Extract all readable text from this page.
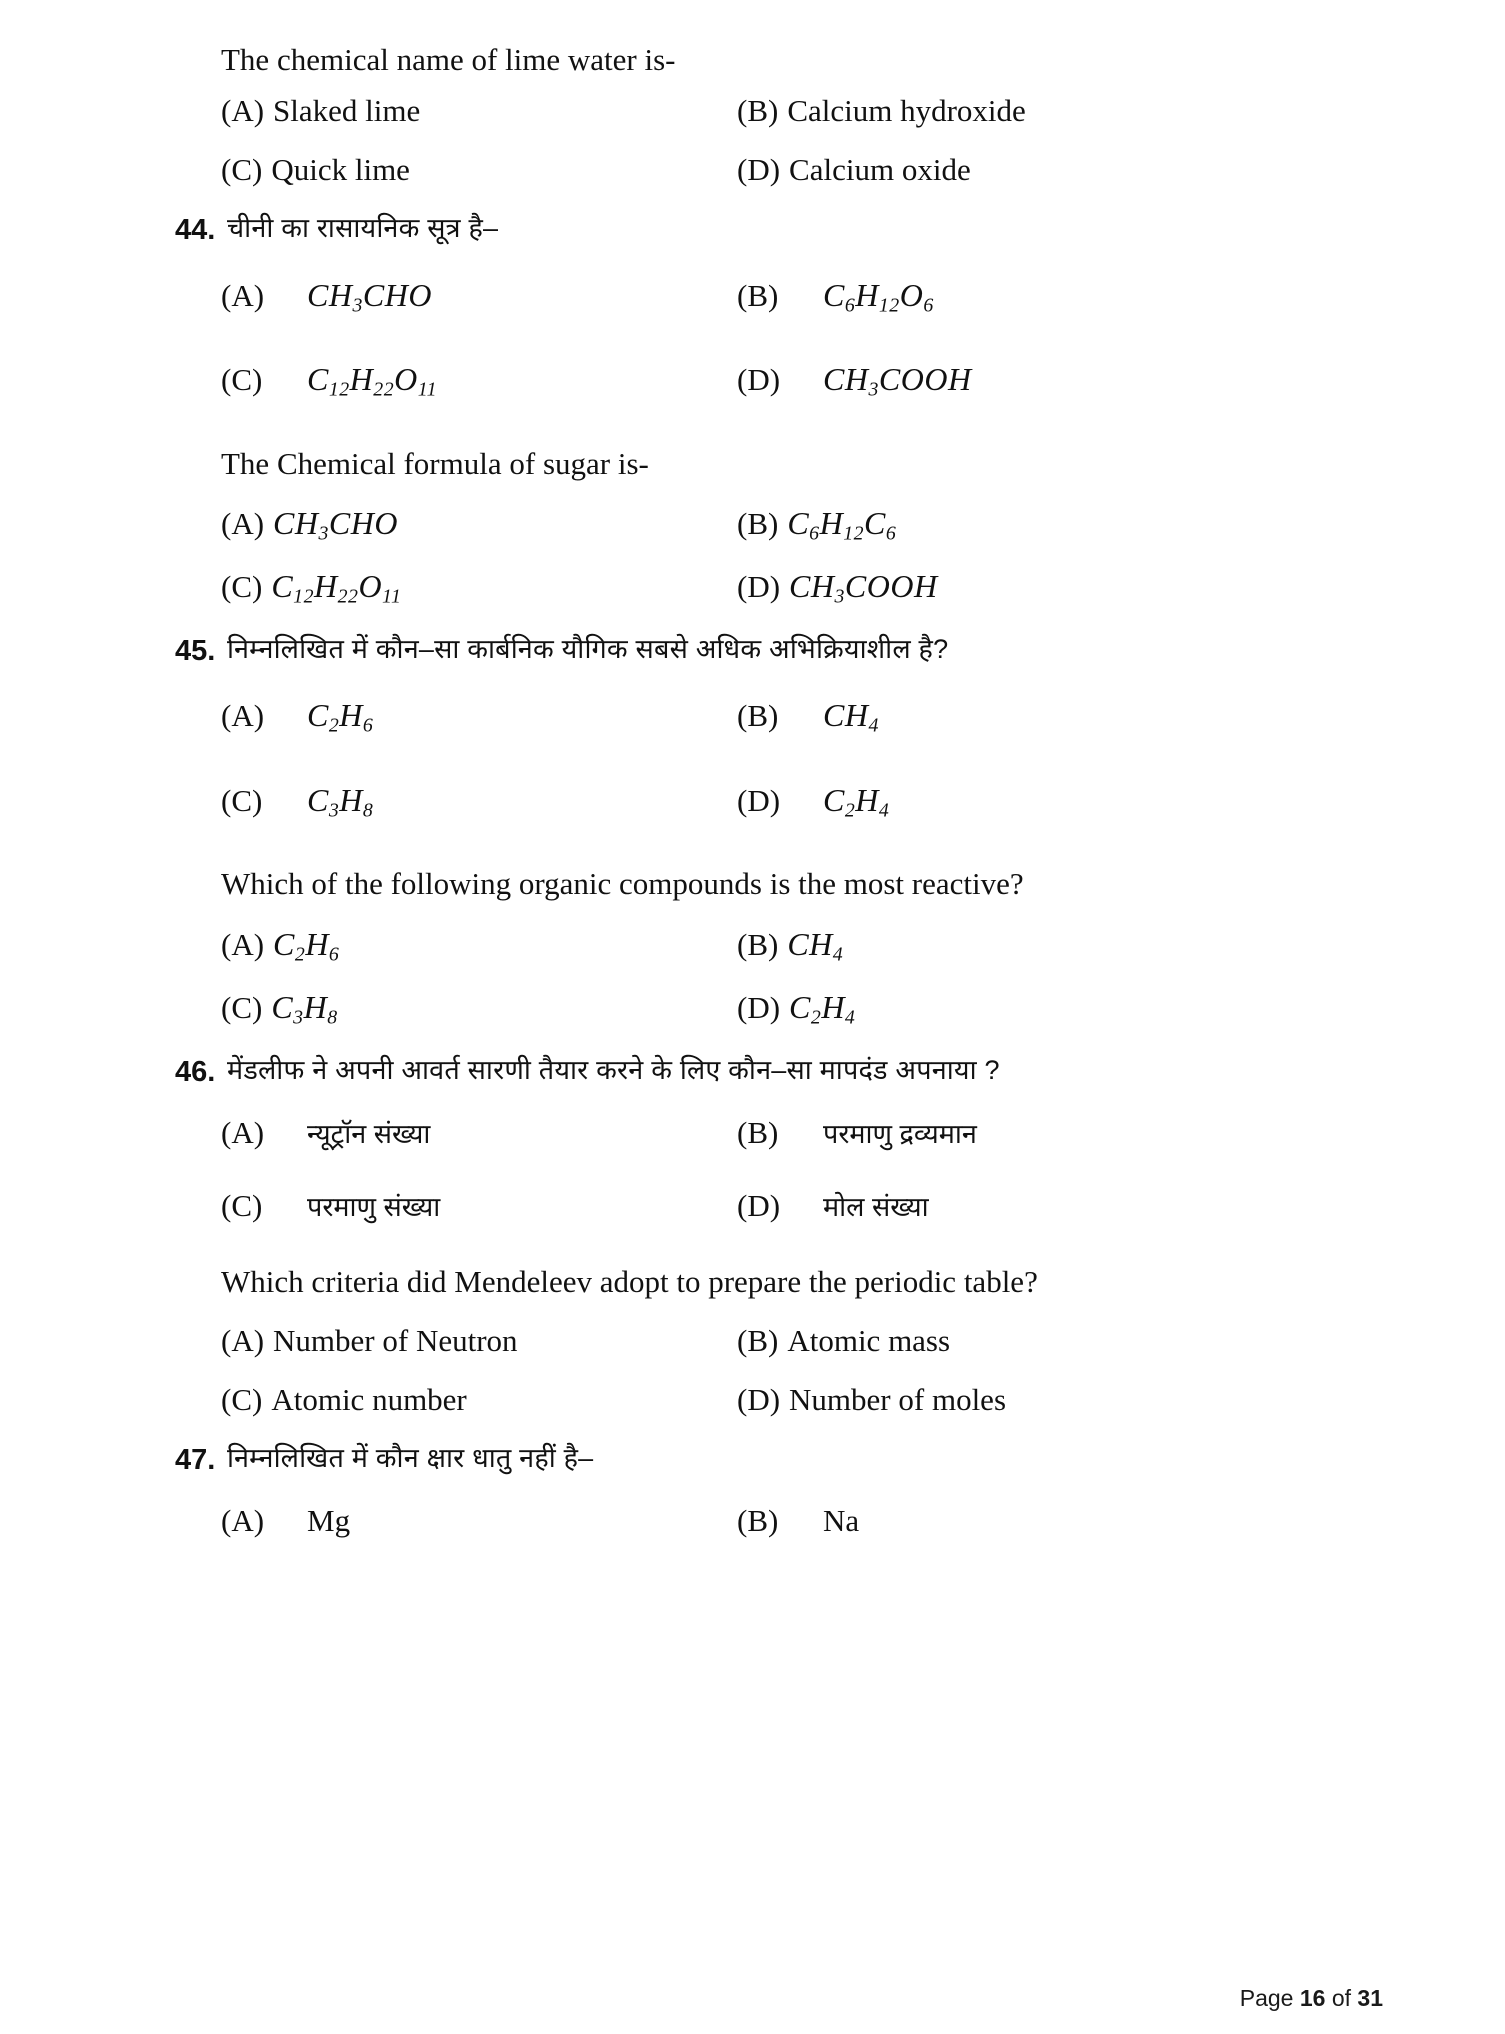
The chemical name of lime water is-
(A) Slaked lime	(B) Calcium hydroxide
(C) Quick lime	(D) Calcium oxide
44. चीनी का रासायनिक सूत्र है–
(A)	$CH_3CHO$	(B)	$C_6H_{12}O_6$
(C)	$C_{12}H_{22}O_{11}$	(D)	$CH_3COOH$
The Chemical formula of sugar is-
(A) $CH_3CHO$	(B) $C_6H_{12}C_6$
(C) $C_{12}H_{22}O_{11}$	(D) $CH_3COOH$
45. निम्नलिखित में कौन–सा कार्बनिक यौगिक सबसे अधिक अभिक्रियाशील है?
(A)	$C_2H_6$	(B)	$CH_4$
(C)	$C_3H_8$	(D)	$C_2H_4$
Which of the following organic compounds is the most reactive?
(A) $C_2H_6$	(B) $CH_4$
(C) $C_3H_8$	(D) $C_2H_4$
46. मेंडलीफ ने अपनी आवर्त सारणी तैयार करने के लिए कौन–सा मापदंड अपनाया ?
(A)	न्यूट्रॉन संख्या	(B)	परमाणु द्रव्यमान
(C)	परमाणु संख्या	(D)	मोल संख्या
Which criteria did Mendeleev adopt to prepare the periodic table?
(A) Number of Neutron	(B) Atomic mass
(C) Atomic number	(D) Number of moles
47. निम्नलिखित में कौन क्षार धातु नहीं है–
(A)	Mg	(B)	Na
Page 16 of 31
